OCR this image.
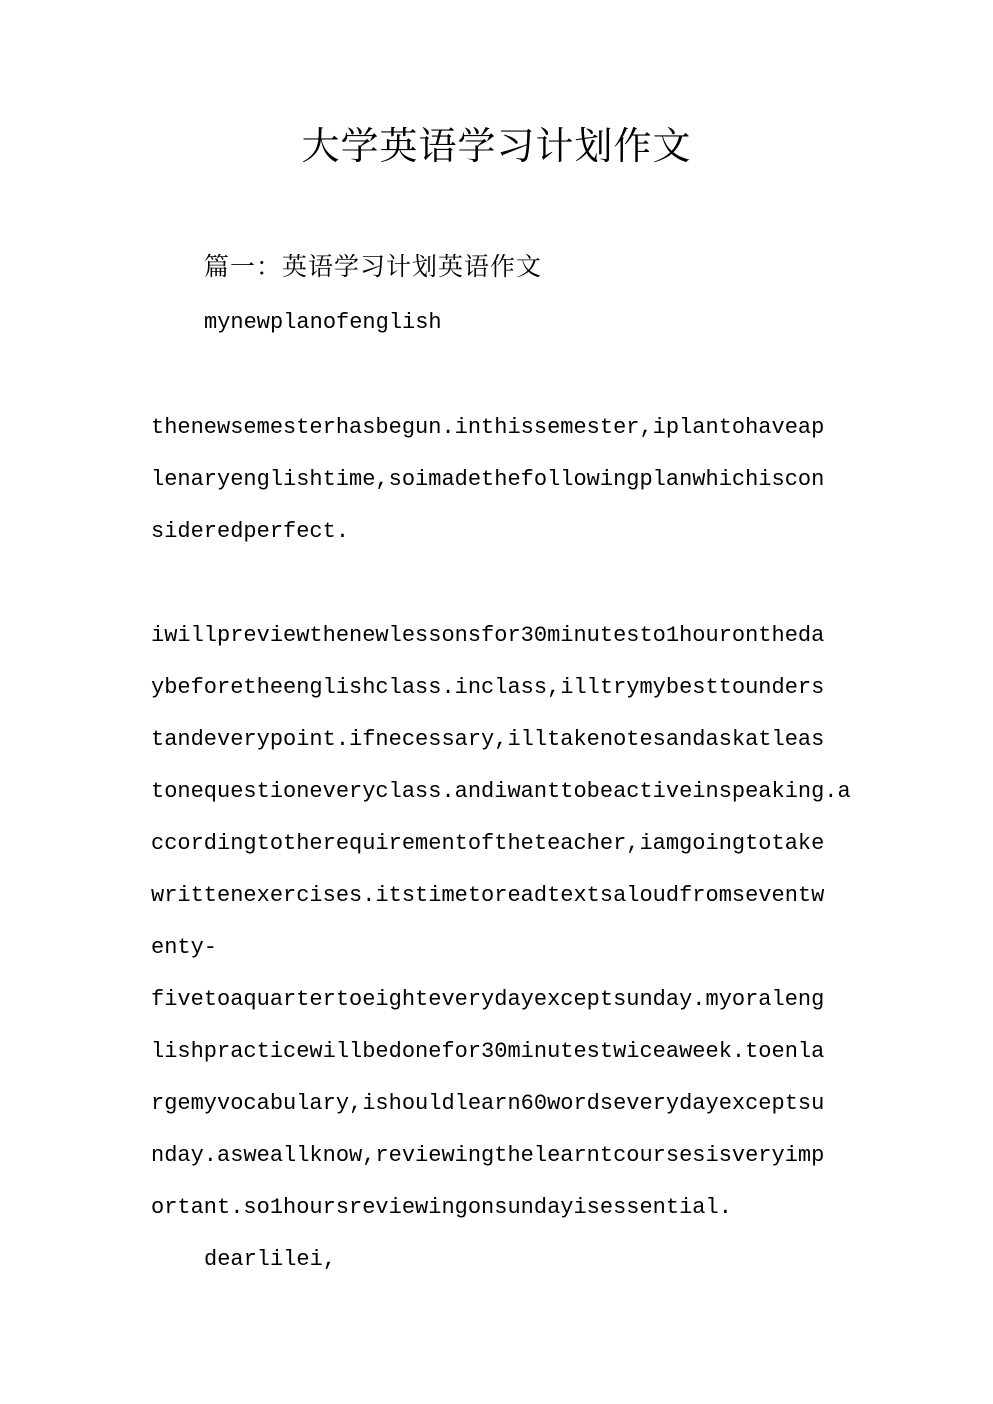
大学英语学习计划作文

篇一：英语学习计划英语作文

mynewplanofenglish

thenewsemesterhasbegun.inthissemester,iplantohaveap

lenaryenglishtime,soimadethefollowingplanwhichiscon

sideredperfect.

iwillpreviewthenewlessonsfor30minutesto1hourontheda

ybeforetheenglishclass.inclass,illtrymybesttounders

tandeverypoint.ifnecessary,illtakenotesandaskatleas

tonequestioneveryclass.andiwanttobeactiveinspeaking.a

ccordingtotherequirementoftheteacher,iamgoingtotake

writtenexercises.itstimetoreadtextsaloudfromseventw

enty-

fivetoaquartertoeighteverydayexceptsunday.myoraleng

lishpracticewillbedonefor30minutestwiceaweek.toenla

rgemyvocabulary,ishouldlearn60wordseverydayexceptsu

nday.asweallknow,reviewingthelearntcoursesisveryimp

ortant.so1hoursreviewingonsundayisessential.

dearlilei,
